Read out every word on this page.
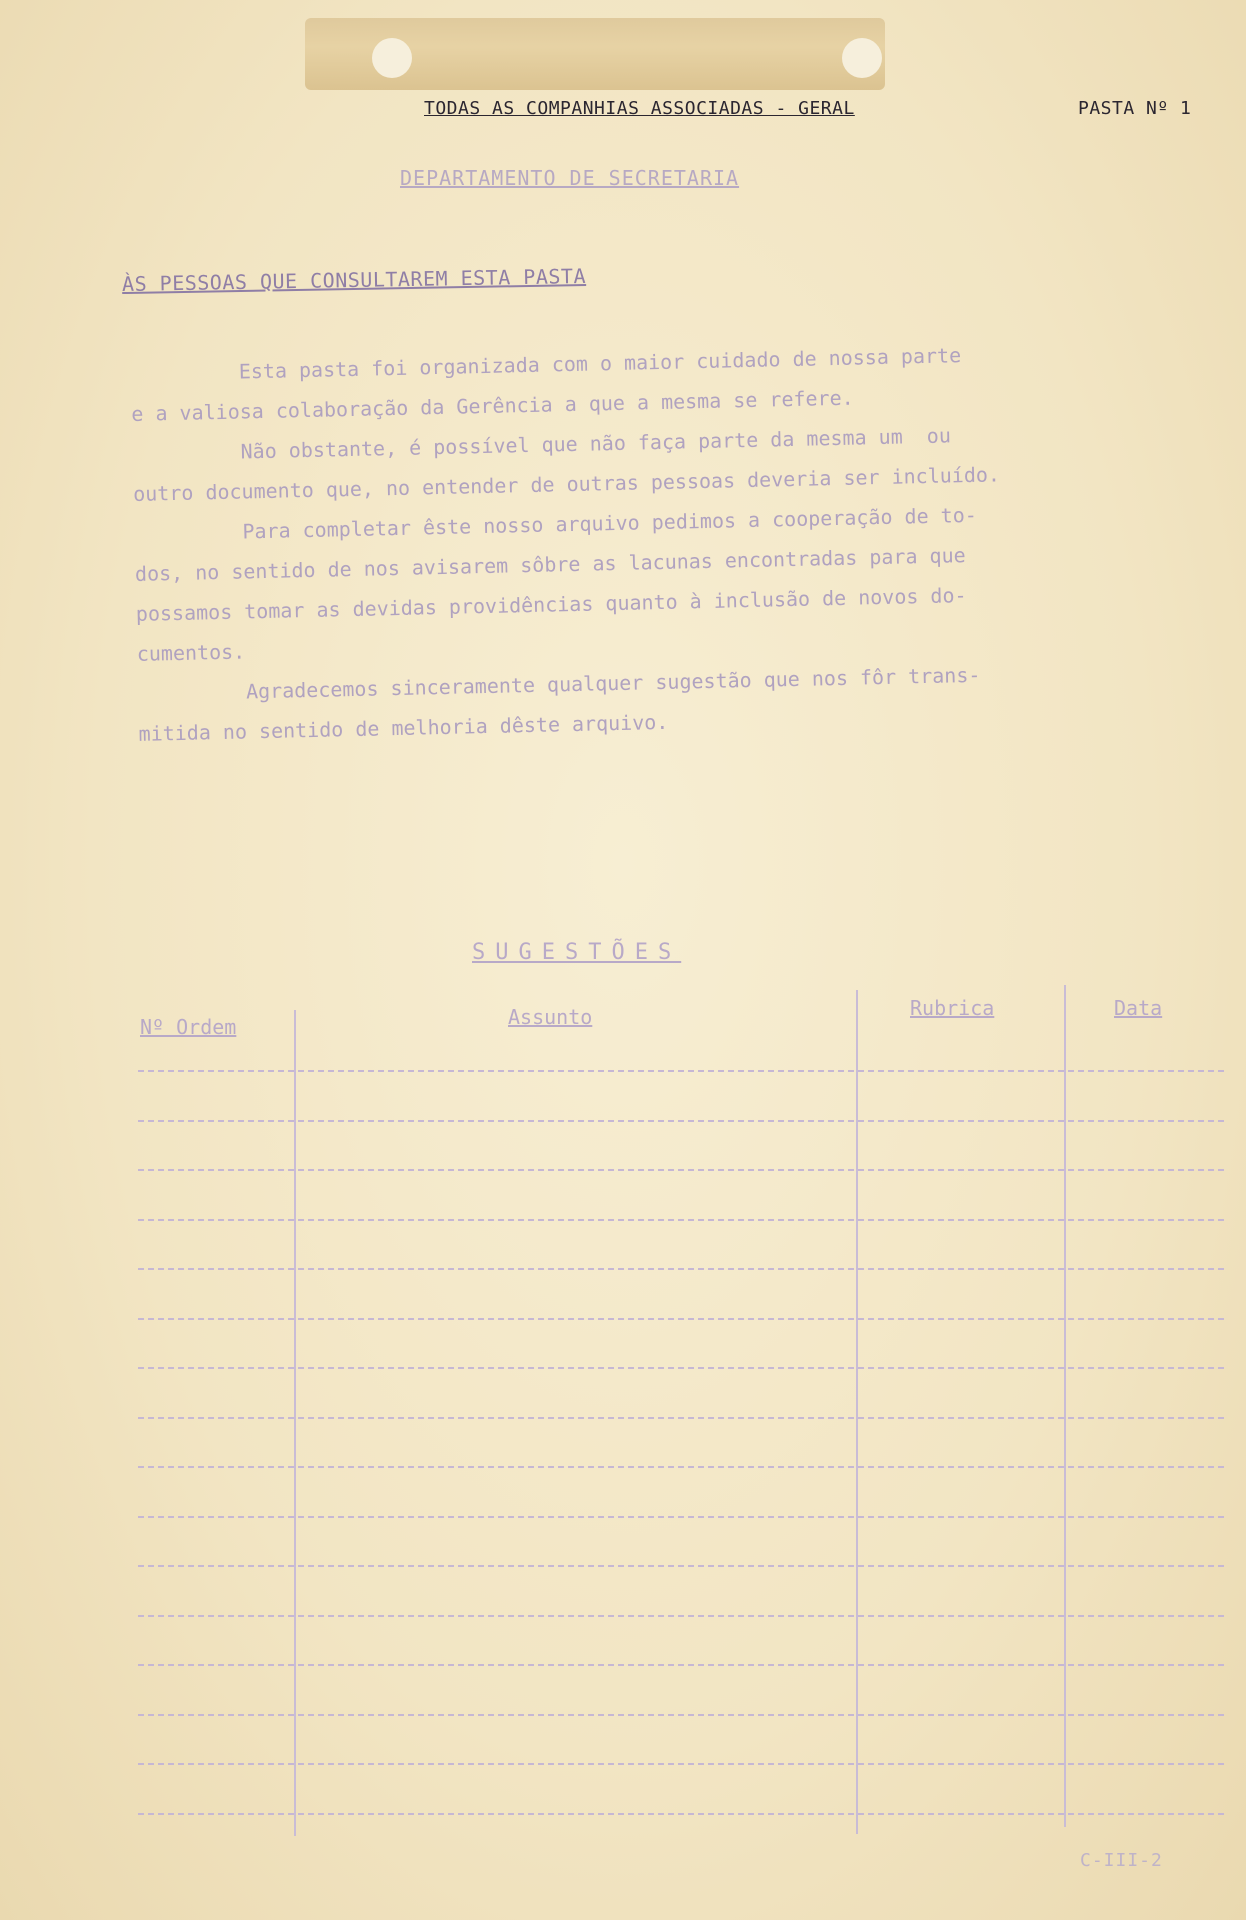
TODAS AS COMPANHIAS ASSOCIADAS - GERAL	PASTA Nº 1
DEPARTAMENTO DE SECRETARIA
ÀS PESSOAS QUE CONSULTAREM ESTA PASTA

Esta pasta foi organizada com o maior cuidado de nossa parte

e a valiosa colaboração da Gerência a que a mesma se refere.

Não obstante, é possível que não faça parte da mesma um  ou

outro documento que, no entender de outras pessoas deveria ser incluído.

Para completar êste nosso arquivo pedimos a cooperação de to-

dos, no sentido de nos avisarem sôbre as lacunas encontradas para que

possamos tomar as devidas providências quanto à inclusão de novos do-

cumentos.

Agradecemos sinceramente qualquer sugestão que nos fôr trans-

mitida no sentido de melhoria dêste arquivo.

SUGESTÕES
Nº Ordem	Assunto	Rubrica	Data
C-III-2
